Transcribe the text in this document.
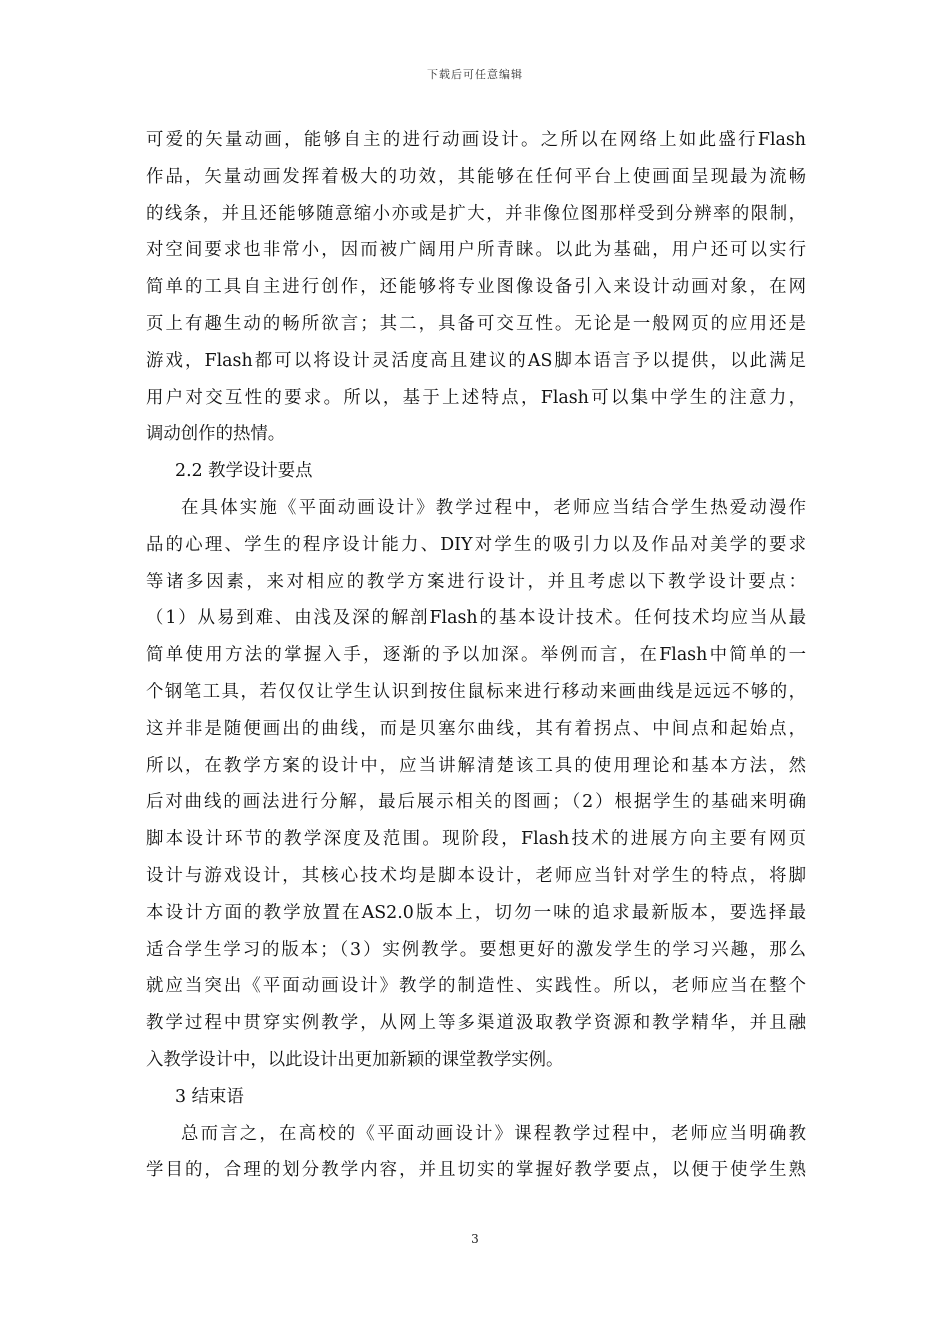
下载后可任意编辑
可爱的矢量动画，能够自主的进行动画设计。之所以在网络上如此盛行Flash
作品，矢量动画发挥着极大的功效，其能够在任何平台上使画面呈现最为流畅
的线条，并且还能够随意缩小亦或是扩大，并非像位图那样受到分辨率的限制，
对空间要求也非常小，因而被广阔用户所青睐。以此为基础，用户还可以实行
简单的工具自主进行创作，还能够将专业图像设备引入来设计动画对象，在网
页上有趣生动的畅所欲言；其二，具备可交互性。无论是一般网页的应用还是
游戏，Flash都可以将设计灵活度高且建议的AS脚本语言予以提供，以此满足
用户对交互性的要求。所以，基于上述特点，Flash可以集中学生的注意力，
调动创作的热情。
2.2 教学设计要点
在具体实施《平面动画设计》教学过程中，老师应当结合学生热爱动漫作
品的心理、学生的程序设计能力、DIY对学生的吸引力以及作品对美学的要求
等诸多因素，来对相应的教学方案进行设计，并且考虑以下教学设计要点：
（1）从易到难、由浅及深的解剖Flash的基本设计技术。任何技术均应当从最
简单使用方法的掌握入手，逐渐的予以加深。举例而言，在Flash中简单的一
个钢笔工具，若仅仅让学生认识到按住鼠标来进行移动来画曲线是远远不够的，
这并非是随便画出的曲线，而是贝塞尔曲线，其有着拐点、中间点和起始点，
所以，在教学方案的设计中，应当讲解清楚该工具的使用理论和基本方法，然
后对曲线的画法进行分解，最后展示相关的图画；（2）根据学生的基础来明确
脚本设计环节的教学深度及范围。现阶段，Flash技术的进展方向主要有网页
设计与游戏设计，其核心技术均是脚本设计，老师应当针对学生的特点，将脚
本设计方面的教学放置在AS2.0版本上，切勿一味的追求最新版本，要选择最
适合学生学习的版本；（3）实例教学。要想更好的激发学生的学习兴趣，那么
就应当突出《平面动画设计》教学的制造性、实践性。所以，老师应当在整个
教学过程中贯穿实例教学，从网上等多渠道汲取教学资源和教学精华，并且融
入教学设计中，以此设计出更加新颖的课堂教学实例。
3 结束语
总而言之，在高校的《平面动画设计》课程教学过程中，老师应当明确教
学目的，合理的划分教学内容，并且切实的掌握好教学要点，以便于使学生熟
3
